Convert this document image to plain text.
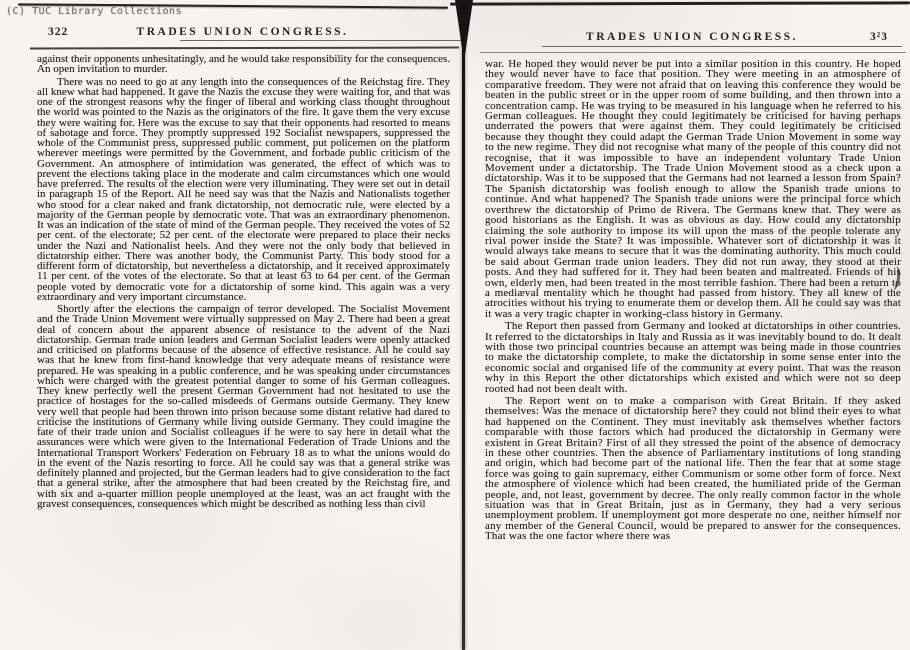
(C) TUC Library Collections
322	TRADES UNION CONGRESS.

against their opponents unhesitatingly, and he would take responsibility for the consequences. An open invitation to murder.

There was no need to go at any length into the consequences of the Reichstag fire. They all knew what had happened. It gave the Nazis the excuse they were waiting for, and that was one of the strongest reasons why the finger of liberal and working class thought throughout the world was pointed to the Nazis as the originators of the fire. It gave them the very excuse they were waiting for. Here was the excuse to say that their opponents had resorted to means of sabotage and force. They promptly suppressed 192 Socialist newspapers, suppressed the whole of the Communist press, suppressed public comment, put policemen on the platform wherever meetings were permitted by the Government, and forbade public criticism of the Government. An atmosphere of intimidation was generated, the effect of which was to prevent the elections taking place in the moderate and calm circumstances which one would have preferred. The results of the election were very illuminating. They were set out in detail in paragraph 15 of the Report. All he need say was that the Nazis and Nationalists together who stood for a clear naked and frank dictatorship, not democratic rule, were elected by a majority of the German people by democratic vote. That was an extraordinary phenomenon. It was an indication of the state of mind of the German people. They received the votes of 52 per cent. of the electorate; 52 per cent. of the electorate were prepared to place their necks under the Nazi and Nationalist heels. And they were not the only body that believed in dictatorship either. There was another body, the Communist Party. This body stood for a different form of dictatorship, but nevertheless a dictatorship, and it received approximately 11 per cent. of the votes of the electorate. So that at least 63 to 64 per cent. of the German people voted by democratic vote for a dictatorship of some kind. This again was a very extraordinary and very important circumstance.

Shortly after the elections the campaign of terror developed. The Socialist Movement and the Trade Union Movement were virtually suppressed on May 2. There had been a great deal of concern about the apparent absence of resistance to the advent of the Nazi dictatorship. German trade union leaders and German Socialist leaders were openly attacked and criticised on platforms because of the absence of effective resistance. All he could say was that he knew from first-hand knowledge that very adequate means of resistance were prepared. He was speaking in a public conference, and he was speaking under circumstances which were charged with the greatest potential danger to some of his German colleagues. They knew perfectly well the present German Government had not hesitated to use the practice of hostages for the so-called misdeeds of Germans outside Germany. They knew very well that people had been thrown into prison because some distant relative had dared to criticise the institutions of Germany while living outside Germany. They could imagine the fate of their trade union and Socialist colleagues if he were to say here in detail what the assurances were which were given to the International Federation of Trade Unions and the International Transport Workers' Federation on February 18 as to what the unions would do in the event of the Nazis resorting to force. All he could say was that a general strike was definitely planned and projected, but the German leaders had to give consideration to the fact that a general strike, after the atmosphere that had been created by the Reichstag fire, and with six and a-quarter million people unemployed at the least, was an act fraught with the gravest consequences, consequences which might be described as nothing less than civil

TRADES UNION CONGRESS.	3²3

war. He hoped they would never be put into a similar position in this country. He hoped they would never have to face that position. They were meeting in an atmosphere of comparative freedom. They were not afraid that on leaving this conference they would be beaten in the public street or in the upper room of some building, and then thrown into a concentration camp. He was trying to be measured in his language when he referred to his German colleagues. He thought they could legitimately be criticised for having perhaps underrated the powers that were against them. They could legitimately be criticised because they thought they could adapt the German Trade Union Movement in some way to the new regime. They did not recognise what many of the people of this country did not recognise, that it was impossible to have an independent voluntary Trade Union Movement under a dictatorship. The Trade Union Movement stood as a check upon a dictatorship. Was it to be supposed that the Germans had not learned a lesson from Spain? The Spanish dictatorship was foolish enough to allow the Spanish trade unions to continue. And what happened? The Spanish trade unions were the principal force which overthrew the dictatorship of Primo de Rivera. The Germans knew that. They were as good historians as the English. It was as obvious as day. How could any dictatorship claiming the sole authority to impose its will upon the mass of the people tolerate any rival power inside the State? It was impossible. Whatever sort of dictatorship it was it would always take means to secure that it was the dominating authority. This much could be said about German trade union leaders. They did not run away, they stood at their posts. And they had suffered for it. They had been beaten and maltreated. Friends of his own, elderly men, had been treated in the most terrible fashion. There had been a return to a mediæval mentality which he thought had passed from history. They all knew of the atrocities without his trying to enumerate them or develop them. All he could say was that it was a very tragic chapter in working-class history in Germany.

The Report then passed from Germany and looked at dictatorships in other countries. It referred to the dictatorships in Italy and Russia as it was inevitably bound to do. It dealt with those two principal countries because an attempt was being made in those countries to make the dictatorship complete, to make the dictatorship in some sense enter into the economic social and organised life of the community at every point. That was the reason why in this Report the other dictatorships which existed and which were not so deep rooted had not been dealt with.

The Report went on to make a comparison with Great Britain. If they asked themselves: Was the menace of dictatorship here? they could not blind their eyes to what had happened on the Continent. They must inevitably ask themselves whether factors comparable with those factors which had produced the dictatorship in Germany were existent in Great Britain? First of all they stressed the point of the absence of democracy in these other countries. Then the absence of Parliamentary institutions of long standing and origin, which had become part of the national life. Then the fear that at some stage force was going to gain supremacy, either Communism or some other form of force. Next the atmosphere of violence which had been created, the humiliated pride of the German people, and, not least, government by decree. The only really common factor in the whole situation was that in Great Britain, just as in Germany, they had a very serious unemployment problem. If unemployment got more desperate no one, neither himself nor any member of the General Council, would be prepared to answer for the consequences. That was the one factor where there was
